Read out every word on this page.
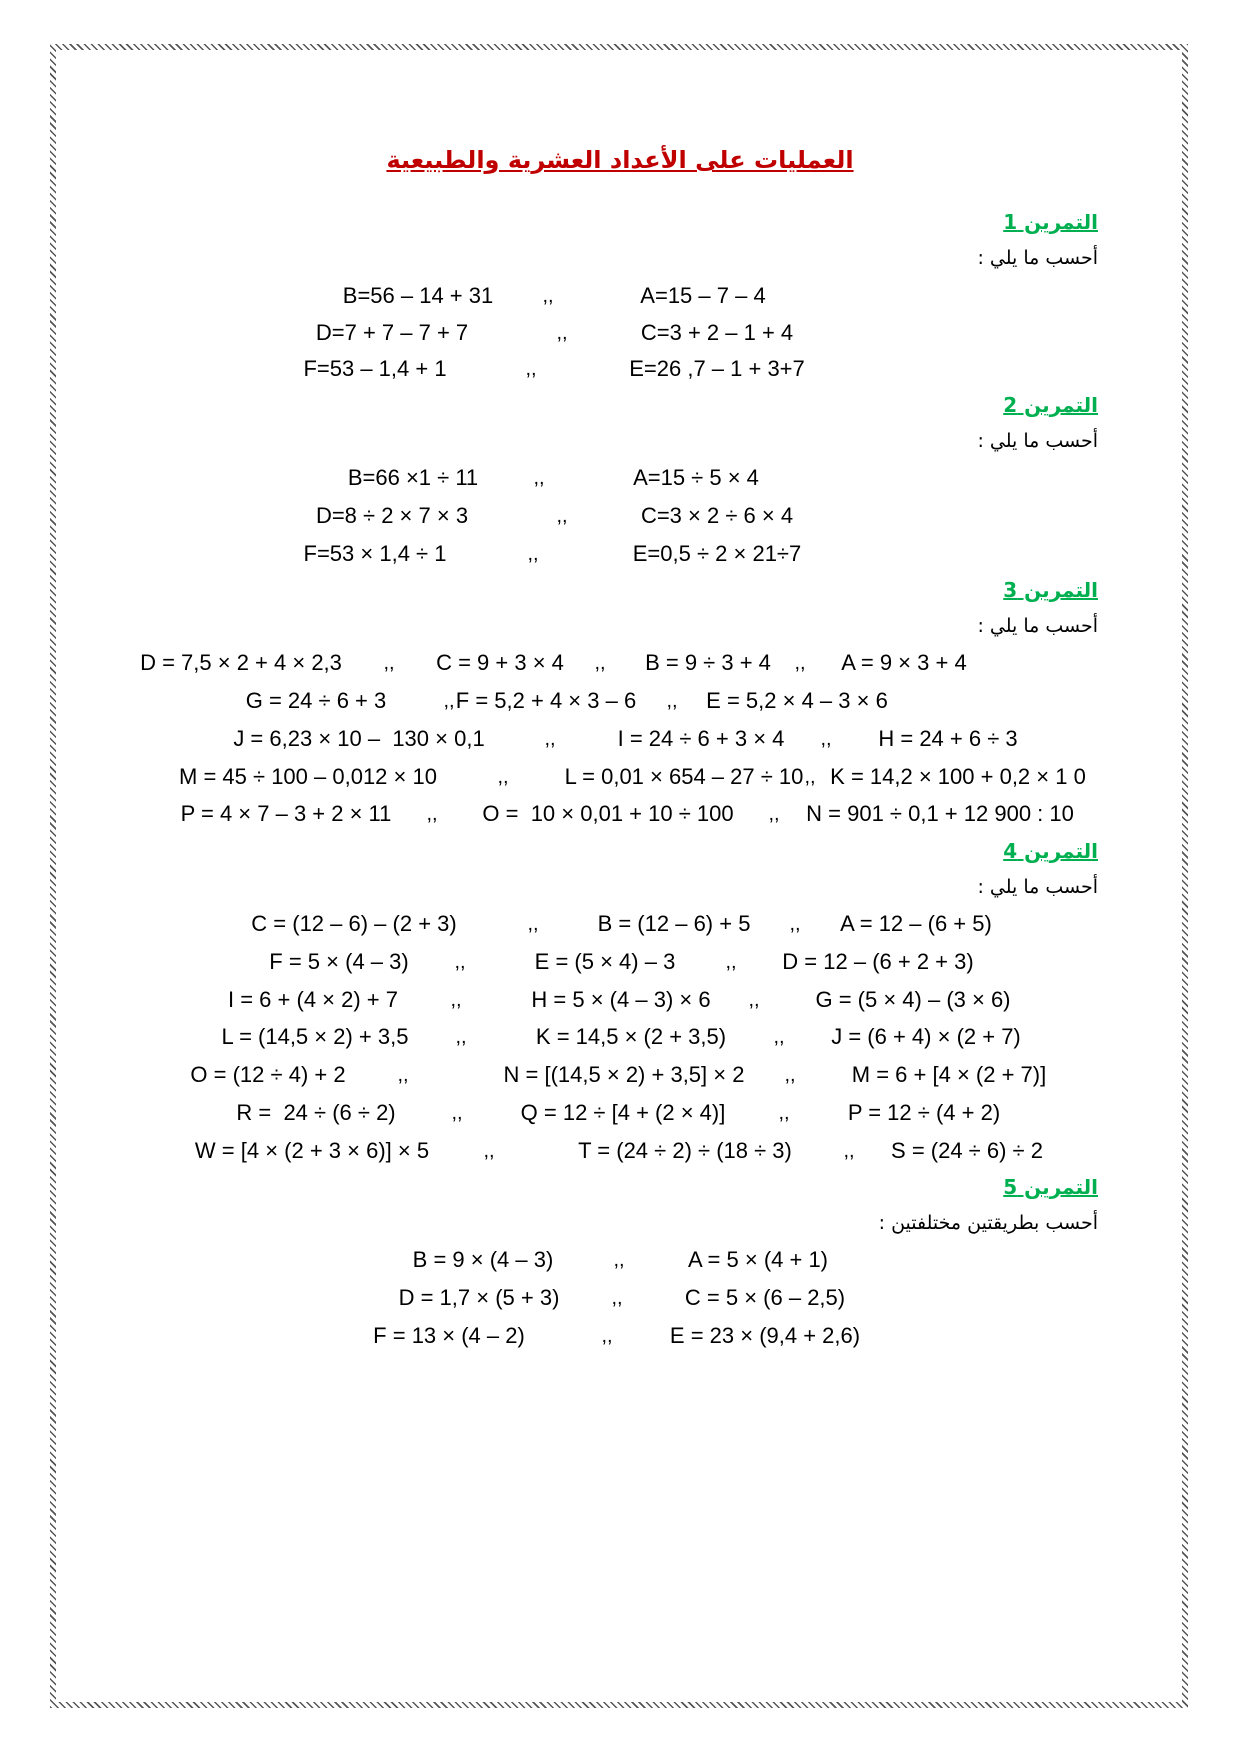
العمليات على الأعداد العشرية والطبيعية
التمرين 1
أحسب ما يلي :
A=15 – 7 – 4
,,
B=56 – 14 + 31
C=3 + 2 – 1 + 4
,,
D=7 + 7 – 7 + 7
E=26 ,7 – 1 + 3+7
,,
F=53 – 1,4 + 1
التمرين 2
أحسب ما يلي :
A=15 ÷ 5 × 4
,,
B=66 ×1 ÷ 11
C=3 × 2 ÷ 6 × 4
,,
D=8 ÷ 2 × 7 × 3
E=0,5 ÷ 2 × 21÷7
,,
F=53 × 1,4 ÷ 1
التمرين 3
أحسب ما يلي :
A = 9 × 3 + 4
,,
B = 9 ÷ 3 + 4
,,
C = 9 + 3 × 4
,,
D = 7,5 × 2 + 4 × 2,3
E = 5,2 × 4 – 3 × 6
,,
F = 5,2 + 4 × 3 – 6
,,
G = 24 ÷ 6 + 3
H = 24 + 6 ÷ 3
,,
I = 24 ÷ 6 + 3 × 4
,,
J = 6,23 × 10 –  130 × 0,1
K = 14,2 × 100 + 0,2 × 1 0
,,
L = 0,01 × 654 – 27 ÷ 10
,,
M = 45 ÷ 100 – 0,012 × 10
N = 901 ÷ 0,1 + 12 900 : 10
,,
O =  10 × 0,01 + 10 ÷ 100
,,
P = 4 × 7 – 3 + 2 × 11
التمرين 4
أحسب ما يلي :
A = 12 – (6 + 5)
,,
B = (12 – 6) + 5
,,
C = (12 – 6) – (2 + 3)
D = 12 – (6 + 2 + 3)
,,
E = (5 × 4) – 3
,,
F = 5 × (4 – 3)
G = (5 × 4) – (3 × 6)
,,
H = 5 × (4 – 3) × 6
,,
I = 6 + (4 × 2) + 7
J = (6 + 4) × (2 + 7)
,,
K = 14,5 × (2 + 3,5)
,,
L = (14,5 × 2) + 3,5
M = 6 + [4 × (2 + 7)]
,,
N = [(14,5 × 2) + 3,5] × 2
,,
O = (12 ÷ 4) + 2
P = 12 ÷ (4 + 2)
,,
Q = 12 ÷ [4 + (2 × 4)]
,,
R =  24 ÷ (6 ÷ 2)
S = (24 ÷ 6) ÷ 2
,,
T = (24 ÷ 2) ÷ (18 ÷ 3)
,,
W = [4 × (2 + 3 × 6)] × 5
التمرين 5
أحسب بطريقتين مختلفتين :
A = 5 × (4 + 1)
,,
B = 9 × (4 – 3)
C = 5 × (6 – 2,5)
,,
D = 1,7 × (5 + 3)
E = 23 × (9,4 + 2,6)
,,
F = 13 × (4 – 2)
